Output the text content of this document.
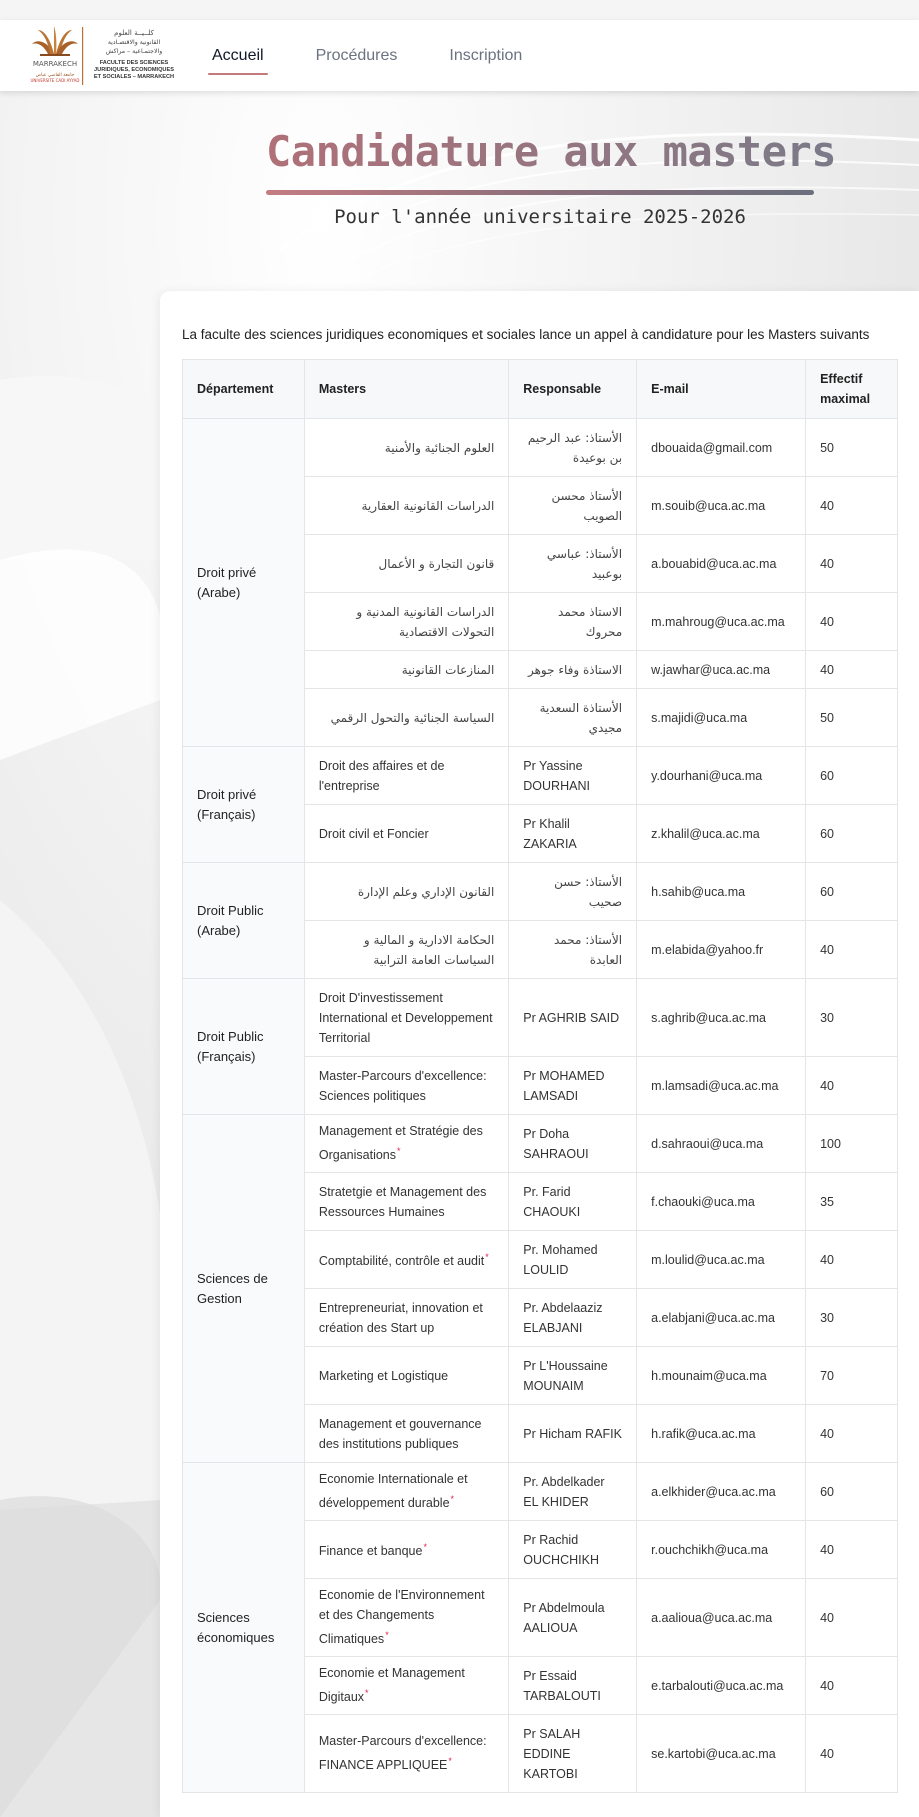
MARRAKECH
جامعة القاضي عياض
UNIVERSITE CADI AYYAD
كلــيــة العلوم
القانونية والاقتصـادية
والاجتمـاعية – مراكش
FACULTE DES SCIENCES
JURIDIQUES, ECONOMIQUES
ET SOCIALES – MARRAKECH
Accueil	Procédures	Inscription
Candidature aux masters
Pour l'année universitaire 2025-2026

La faculte des sciences juridiques economiques et sociales lance un appel à candidature pour les Masters suivants

Département	Masters	Responsable	E-mail	Effectif maximal
Droit privé (Arabe)	العلوم الجنائية والأمنية	الأستاذ: عبد الرحيم بن بوعيدة	dbouaida@gmail.com	50
	الدراسات القانونية العقارية	الأستاذ محسن الصويب	m.souib@uca.ac.ma	40
	قانون التجارة و الأعمال	الأستاذ: عباسي بوعبيد	a.bouabid@uca.ac.ma	40
	الدراسات القانونية المدنية و التحولات الاقتصادية	الاستاذ محمد محروك	m.mahroug@uca.ac.ma	40
	المنازعات القانونية	الاستاذة وفاء جوهر	w.jawhar@uca.ac.ma	40
	السياسة الجنائية والتحول الرقمي	الأستاذة السعدية مجيدي	s.majidi@uca.ma	50
Droit privé (Français)	Droit des affaires et de l'entreprise	Pr Yassine DOURHANI	y.dourhani@uca.ma	60
	Droit civil et Foncier	Pr Khalil ZAKARIA	z.khalil@uca.ac.ma	60
Droit Public (Arabe)	القانون الإداري وعلم الإدارة	الأستاذ: حسن صحيب	h.sahib@uca.ma	60
	الحكامة الادارية و المالية و السياسات العامة الترابية	الأستاذ: محمد العابدة	m.elabida@yahoo.fr	40
Droit Public (Français)	Droit D'investissement International et Developpement Territorial	Pr AGHRIB SAID	s.aghrib@uca.ac.ma	30
	Master-Parcours d'excellence: Sciences politiques	Pr MOHAMED LAMSADI	m.lamsadi@uca.ac.ma	40
Sciences de Gestion	Management et Stratégie des Organisations*	Pr Doha SAHRAOUI	d.sahraoui@uca.ma	100
	Stratetgie et Management des Ressources Humaines	Pr. Farid CHAOUKI	f.chaouki@uca.ma	35
	Comptabilité, contrôle et audit*	Pr. Mohamed LOULID	m.loulid@uca.ac.ma	40
	Entrepreneuriat, innovation et création des Start up	Pr. Abdelaaziz ELABJANI	a.elabjani@uca.ac.ma	30
	Marketing et Logistique	Pr L'Houssaine MOUNAIM	h.mounaim@uca.ma	70
	Management et gouvernance des institutions publiques	Pr Hicham RAFIK	h.rafik@uca.ac.ma	40
Sciences économiques	Economie Internationale et développement durable*	Pr. Abdelkader EL KHIDER	a.elkhider@uca.ac.ma	60
	Finance et banque*	Pr Rachid OUCHCHIKH	r.ouchchikh@uca.ma	40
	Economie de l'Environnement et des Changements Climatiques*	Pr Abdelmoula AALIOUA	a.aalioua@uca.ac.ma	40
	Economie et Management Digitaux*	Pr Essaid TARBALOUTI	e.tarbalouti@uca.ac.ma	40
	Master-Parcours d'excellence: FINANCE APPLIQUEE*	Pr SALAH EDDINE KARTOBI	se.kartobi@uca.ac.ma	40
